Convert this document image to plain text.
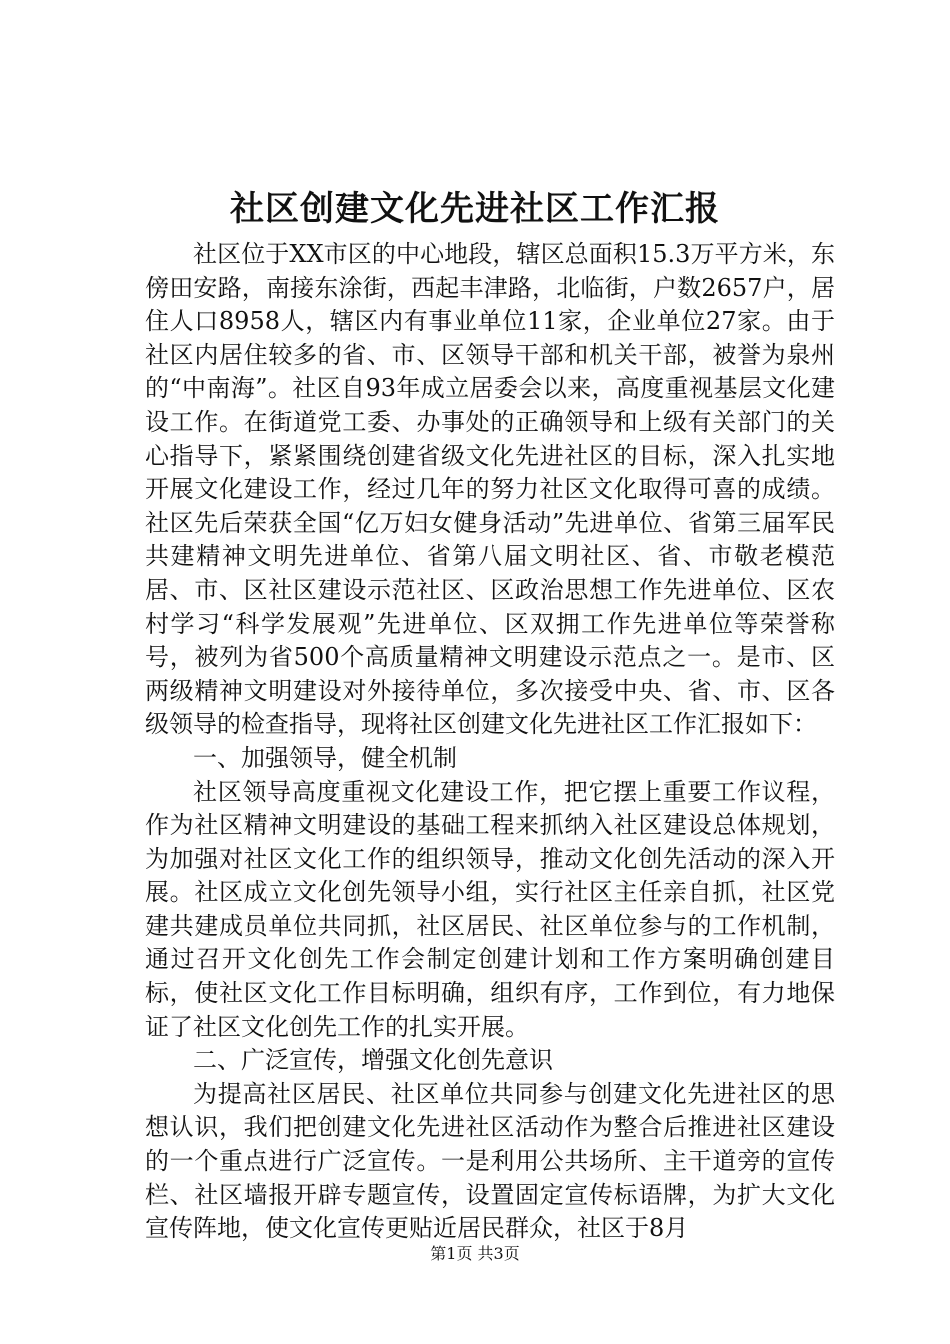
社区创建文化先进社区工作汇报

社区位于XX市区的中心地段，辖区总面积15.3万平方米，东傍田安路，南接东涂街，西起丰津路，北临街，户数2657户，居住人口8958人，辖区内有事业单位11家，企业单位27家。由于社区内居住较多的省、市、区领导干部和机关干部，被誉为泉州的“中南海”。社区自93年成立居委会以来，高度重视基层文化建设工作。在街道党工委、办事处的正确领导和上级有关部门的关心指导下，紧紧围绕创建省级文化先进社区的目标，深入扎实地开展文化建设工作，经过几年的努力社区文化取得可喜的成绩。社区先后荣获全国“亿万妇女健身活动”先进单位、省第三届军民共建精神文明先进单位、省第八届文明社区、省、市敬老模范居、市、区社区建设示范社区、区政治思想工作先进单位、区农村学习“科学发展观”先进单位、区双拥工作先进单位等荣誉称号，被列为省500个高质量精神文明建设示范点之一。是市、区两级精神文明建设对外接待单位，多次接受中央、省、市、区各级领导的检查指导，现将社区创建文化先进社区工作汇报如下：

一、加强领导，健全机制

社区领导高度重视文化建设工作，把它摆上重要工作议程，作为社区精神文明建设的基础工程来抓纳入社区建设总体规划，为加强对社区文化工作的组织领导，推动文化创先活动的深入开展。社区成立文化创先领导小组，实行社区主任亲自抓，社区党建共建成员单位共同抓，社区居民、社区单位参与的工作机制，通过召开文化创先工作会制定创建计划和工作方案明确创建目标，使社区文化工作目标明确，组织有序，工作到位，有力地保证了社区文化创先工作的扎实开展。

二、广泛宣传，增强文化创先意识

为提高社区居民、社区单位共同参与创建文化先进社区的思想认识，我们把创建文化先进社区活动作为整合后推进社区建设的一个重点进行广泛宣传。一是利用公共场所、主干道旁的宣传栏、社区墙报开辟专题宣传，设置固定宣传标语牌，为扩大文化宣传阵地，使文化宣传更贴近居民群众，社区于8月

第1页 共3页
